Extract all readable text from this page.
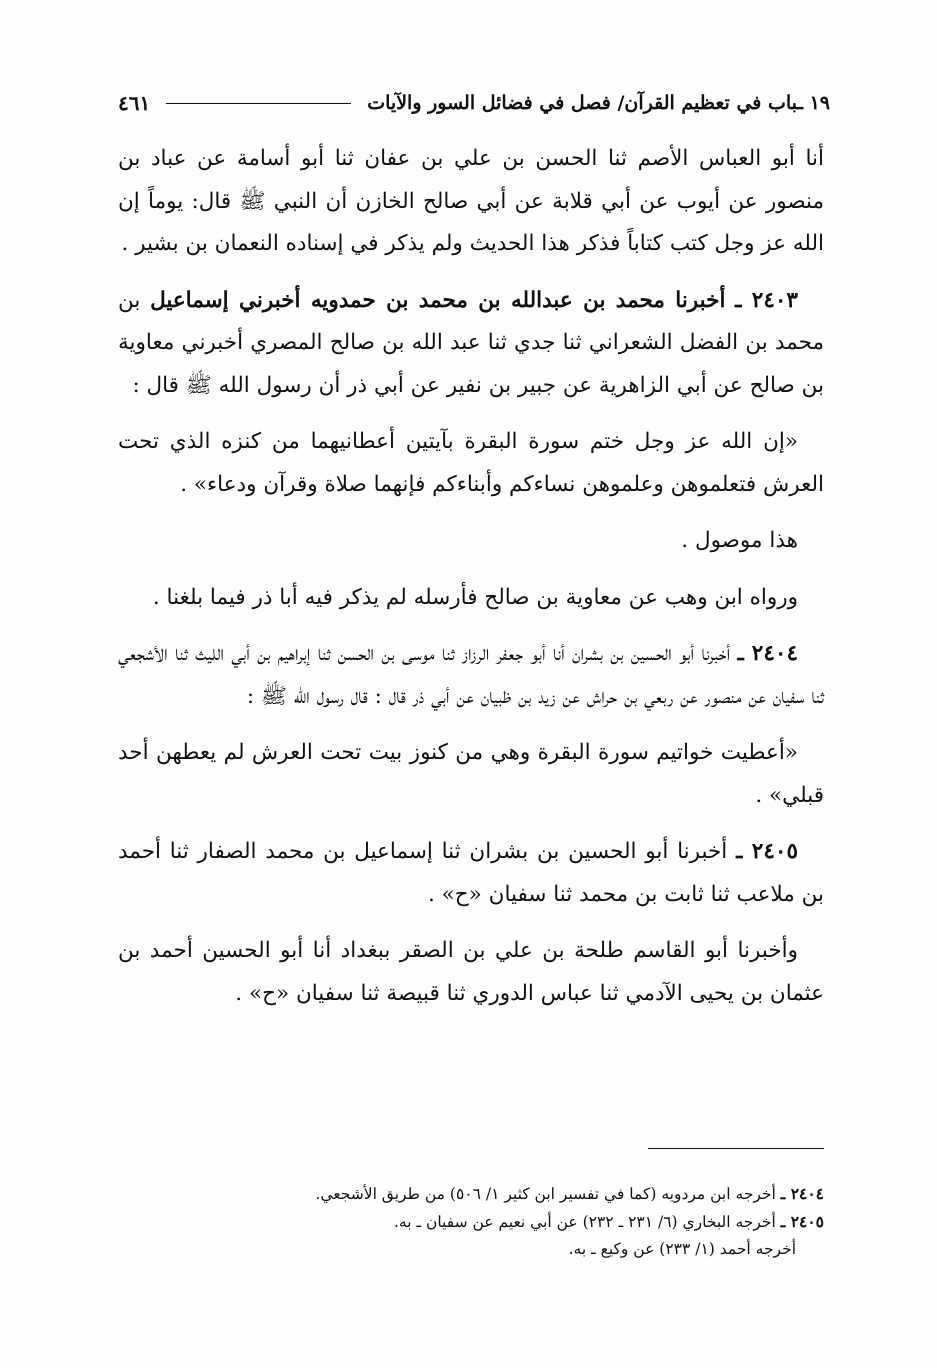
١٩ ـباب في تعظيم القرآن/ فصل في فضائل السور والآيات
٤٦١

أنا أبو العباس الأصم ثنا الحسن بن علي بن عفان ثنا أبو أسامة عن عباد بن منصور عن أيوب عن أبي قلابة عن أبي صالح الخازن أن النبي ﷺ قال: يوماً إن الله عز وجل كتب كتاباً فذكر هذا الحديث ولم يذكر في إسناده النعمان بن بشير .

٢٤٠٣ ـ أخبرنا محمد بن عبدالله بن محمد بن حمدويه أخبرني إسماعيل بن محمد بن الفضل الشعراني ثنا جدي ثنا عبد الله بن صالح المصري أخبرني معاوية بن صالح عن أبي الزاهرية عن جبير بن نفير عن أبي ذر أن رسول الله ﷺ قال :

«إن الله عز وجل ختم سورة البقرة بآيتين أعطانيهما من كنزه الذي تحت العرش فتعلموهن وعلموهن نساءكم وأبناءكم فإنهما صلاة وقرآن ودعاء» .

هذا موصول .

ورواه ابن وهب عن معاوية بن صالح فأرسله لم يذكر فيه أبا ذر فيما بلغنا .

٢٤٠٤ ـ أخبرنا أبو الحسين بن بشران أنا أبو جعفر الرزاز ثنا موسى بن الحسن ثنا إبراهيم بن أبي الليث ثنا الأشجعي ثنا سفيان عن منصور عن ربعي بن حراش عن زيد بن ظبيان عن أبي ذر قال : قال رسول الله ﷺ :

«أعطيت خواتيم سورة البقرة وهي من كنوز بيت تحت العرش لم يعطهن أحد قبلي» .

٢٤٠٥ ـ أخبرنا أبو الحسين بن بشران ثنا إسماعيل بن محمد الصفار ثنا أحمد بن ملاعب ثنا ثابت بن محمد ثنا سفيان «ح» .

وأخبرنا أبو القاسم طلحة بن علي بن الصقر ببغداد أنا أبو الحسين أحمد بن عثمان بن يحيى الآدمي ثنا عباس الدوري ثنا قبيصة ثنا سفيان «ح» .

٢٤٠٤ ـ أخرجه ابن مردويه (كما في تفسير ابن كثير ١/ ٥٠٦) من طريق الأشجعي.
٢٤٠٥ ـ أخرجه البخاري (٦/ ٢٣١ ـ ٢٣٢) عن أبي نعيم عن سفيان ـ به.
أخرجه أحمد (١/ ٢٣٣) عن وكيع ـ به.
